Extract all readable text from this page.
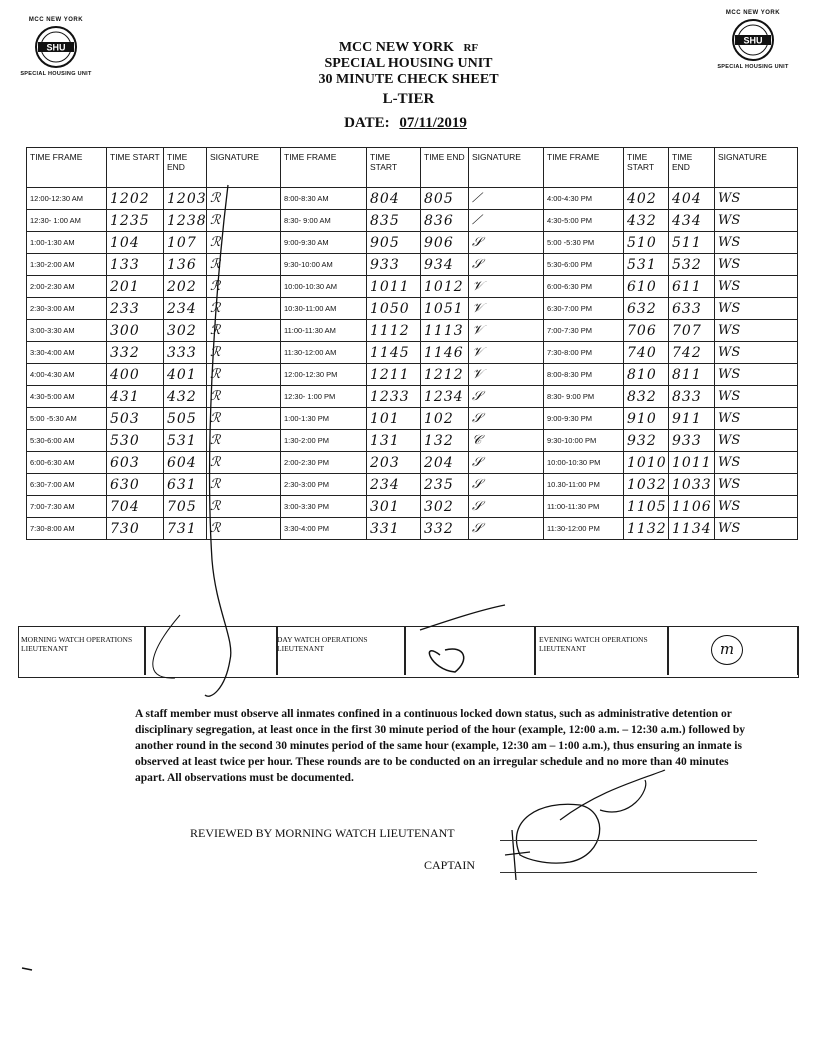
MCC NEW YORK
SHU
SPECIAL HOUSING UNIT
MCC NEW YORK
SHU
SPECIAL HOUSING UNIT
MCC NEW YORK RF
SPECIAL HOUSING UNIT
30 MINUTE CHECK SHEET
L-TIER
DATE: 07/11/2019
TIME FRAME	TIME START	TIME END	SIGNATURE	TIME FRAME	TIME START	TIME END	SIGNATURE	TIME FRAME	TIME START	TIME END	SIGNATURE
12:00-12:30 AM	1202	1203	ℛ	8:00-8:30 AM	804	805	⟋	4:00-4:30 PM	402	404	WS
12:30- 1:00 AM	1235	1238	ℛ	8:30- 9:00 AM	835	836	⟋	4:30-5:00 PM	432	434	WS
1:00-1:30 AM	104	107	ℛ	9:00-9:30 AM	905	906	𝒮	5:00 -5:30 PM	510	511	WS
1:30-2:00 AM	133	136	ℛ	9:30-10:00 AM	933	934	𝒮	5:30-6:00 PM	531	532	WS
2:00-2:30 AM	201	202	ℛ	10:00-10:30 AM	1011	1012	𝒱	6:00-6:30 PM	610	611	WS
2:30-3:00 AM	233	234	ℛ	10:30-11:00 AM	1050	1051	𝒱	6:30-7:00 PM	632	633	WS
3:00-3:30 AM	300	302	ℛ	11:00-11:30 AM	1112	1113	𝒱	7:00-7:30 PM	706	707	WS
3:30-4:00 AM	332	333	ℛ	11:30-12:00 AM	1145	1146	𝒱	7:30-8:00 PM	740	742	WS
4:00-4:30 AM	400	401	ℛ	12:00-12:30 PM	1211	1212	𝒱	8:00-8:30 PM	810	811	WS
4:30-5:00 AM	431	432	ℛ	12:30- 1:00 PM	1233	1234	𝒮	8:30- 9:00 PM	832	833	WS
5:00 -5:30 AM	503	505	ℛ	1:00-1:30 PM	101	102	𝒮	9:00-9:30 PM	910	911	WS
5:30-6:00 AM	530	531	ℛ	1:30-2:00 PM	131	132	𝒞	9:30-10:00 PM	932	933	WS
6:00-6:30 AM	603	604	ℛ	2:00-2:30 PM	203	204	𝒮	10:00-10:30 PM	1010	1011	WS
6:30-7:00 AM	630	631	ℛ	2:30-3:00 PM	234	235	𝒮	10.30-11:00 PM	1032	1033	WS
7:00-7:30 AM	704	705	ℛ	3:00-3:30 PM	301	302	𝒮	11:00-11:30 PM	1105	1106	WS
7:30-8:00 AM	730	731	ℛ	3:30-4:00 PM	331	332	𝒮	11:30-12:00 PM	1132	1134	WS
MORNING WATCH OPERATIONS LIEUTENANT
DAY WATCH OPERATIONS LIEUTENANT
EVENING WATCH OPERATIONS LIEUTENANT	m
A staff member must observe all inmates confined in a continuous locked down status, such as administrative detention or disciplinary segregation, at least once in the first 30 minute period of the hour (example, 12:00 a.m. – 12:30 a.m.) followed by another round in the second 30 minutes period of the same hour (example, 12:30 am – 1:00 a.m.), thus ensuring an inmate is observed at least twice per hour. These rounds are to be conducted on an irregular schedule and no more than 40 minutes apart. All observations must be documented.
REVIEWED BY MORNING WATCH LIEUTENANT
CAPTAIN
